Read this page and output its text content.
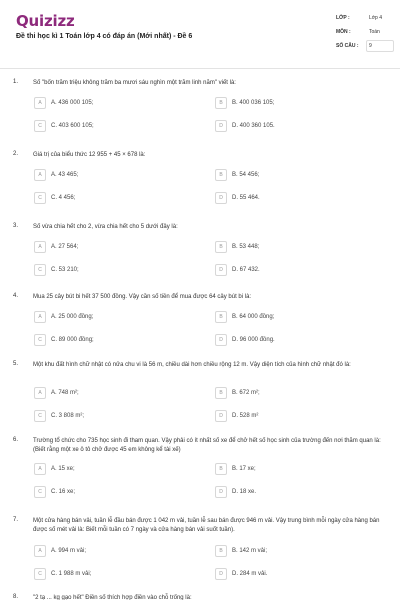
Quizizz
Đề thi học kì 1 Toán lớp 4 có đáp án (Mới nhất) - Đề 6
LỚP :	Lớp 4
MÔN :	Toán
SỐ CÂU : 9
1. Số "bốn trăm triệu không trăm ba mươi sáu nghìn một trăm linh năm" viết là:
A	A. 436 000 105;	B	B. 400 036 105;
C	C. 403 600 105;	D	D. 400 360 105.
2. Giá trị của biểu thức 12 955 + 45 × 678 là:
A	A. 43 465;	B	B. 54 456;
C	C. 4 456;	D	D. 55 464.
3. Số vừa chia hết cho 2, vừa chia hết cho 5 dưới đây là:
A	A. 27 564;	B	B. 53 448;
C	C. 53 210;	D	D. 67 432.
4. Mua 25 cây bút bi hết 37 500 đồng. Vậy cần số tiền để mua được 64 cây bút bi là:
A	A. 25 000 đồng;	B	B. 64 000 đồng;
C	C. 89 000 đồng;	D	D. 96 000 đồng.
5. Một khu đất hình chữ nhật có nửa chu vi là 56 m, chiều dài hơn chiều rộng 12 m. Vậy diện tích của hình chữ nhật đó là:
A	A. 748 m²;	B	B. 672 m²;
C	C. 3 808 m²;	D	D. 528 m²
6. Trường tổ chức cho 735 học sinh đi tham quan. Vậy phải có ít nhất số xe để chở hết số học sinh của trường đến nơi thăm quan là: (Biết rằng một xe ô tô chở được 45 em không kể tài xế)
A	A. 15 xe;	B	B. 17 xe;
C	C. 16 xe;	D	D. 18 xe.
7. Một cửa hàng bán vải, tuần lễ đầu bán được 1 042 m vải, tuần lễ sau bán được 946 m vải. Vậy trung bình mỗi ngày cửa hàng bán được số mét vải là: Biết mỗi tuần có 7 ngày và cửa hàng bán vải suốt tuần).
A	A. 994 m vải;	B	B. 142 m vải;
C	C. 1 988 m vải;	D	D. 284 m vải.
8. "2 tạ ... kg gạo hết" Điền số thích hợp điền vào chỗ trống là:
